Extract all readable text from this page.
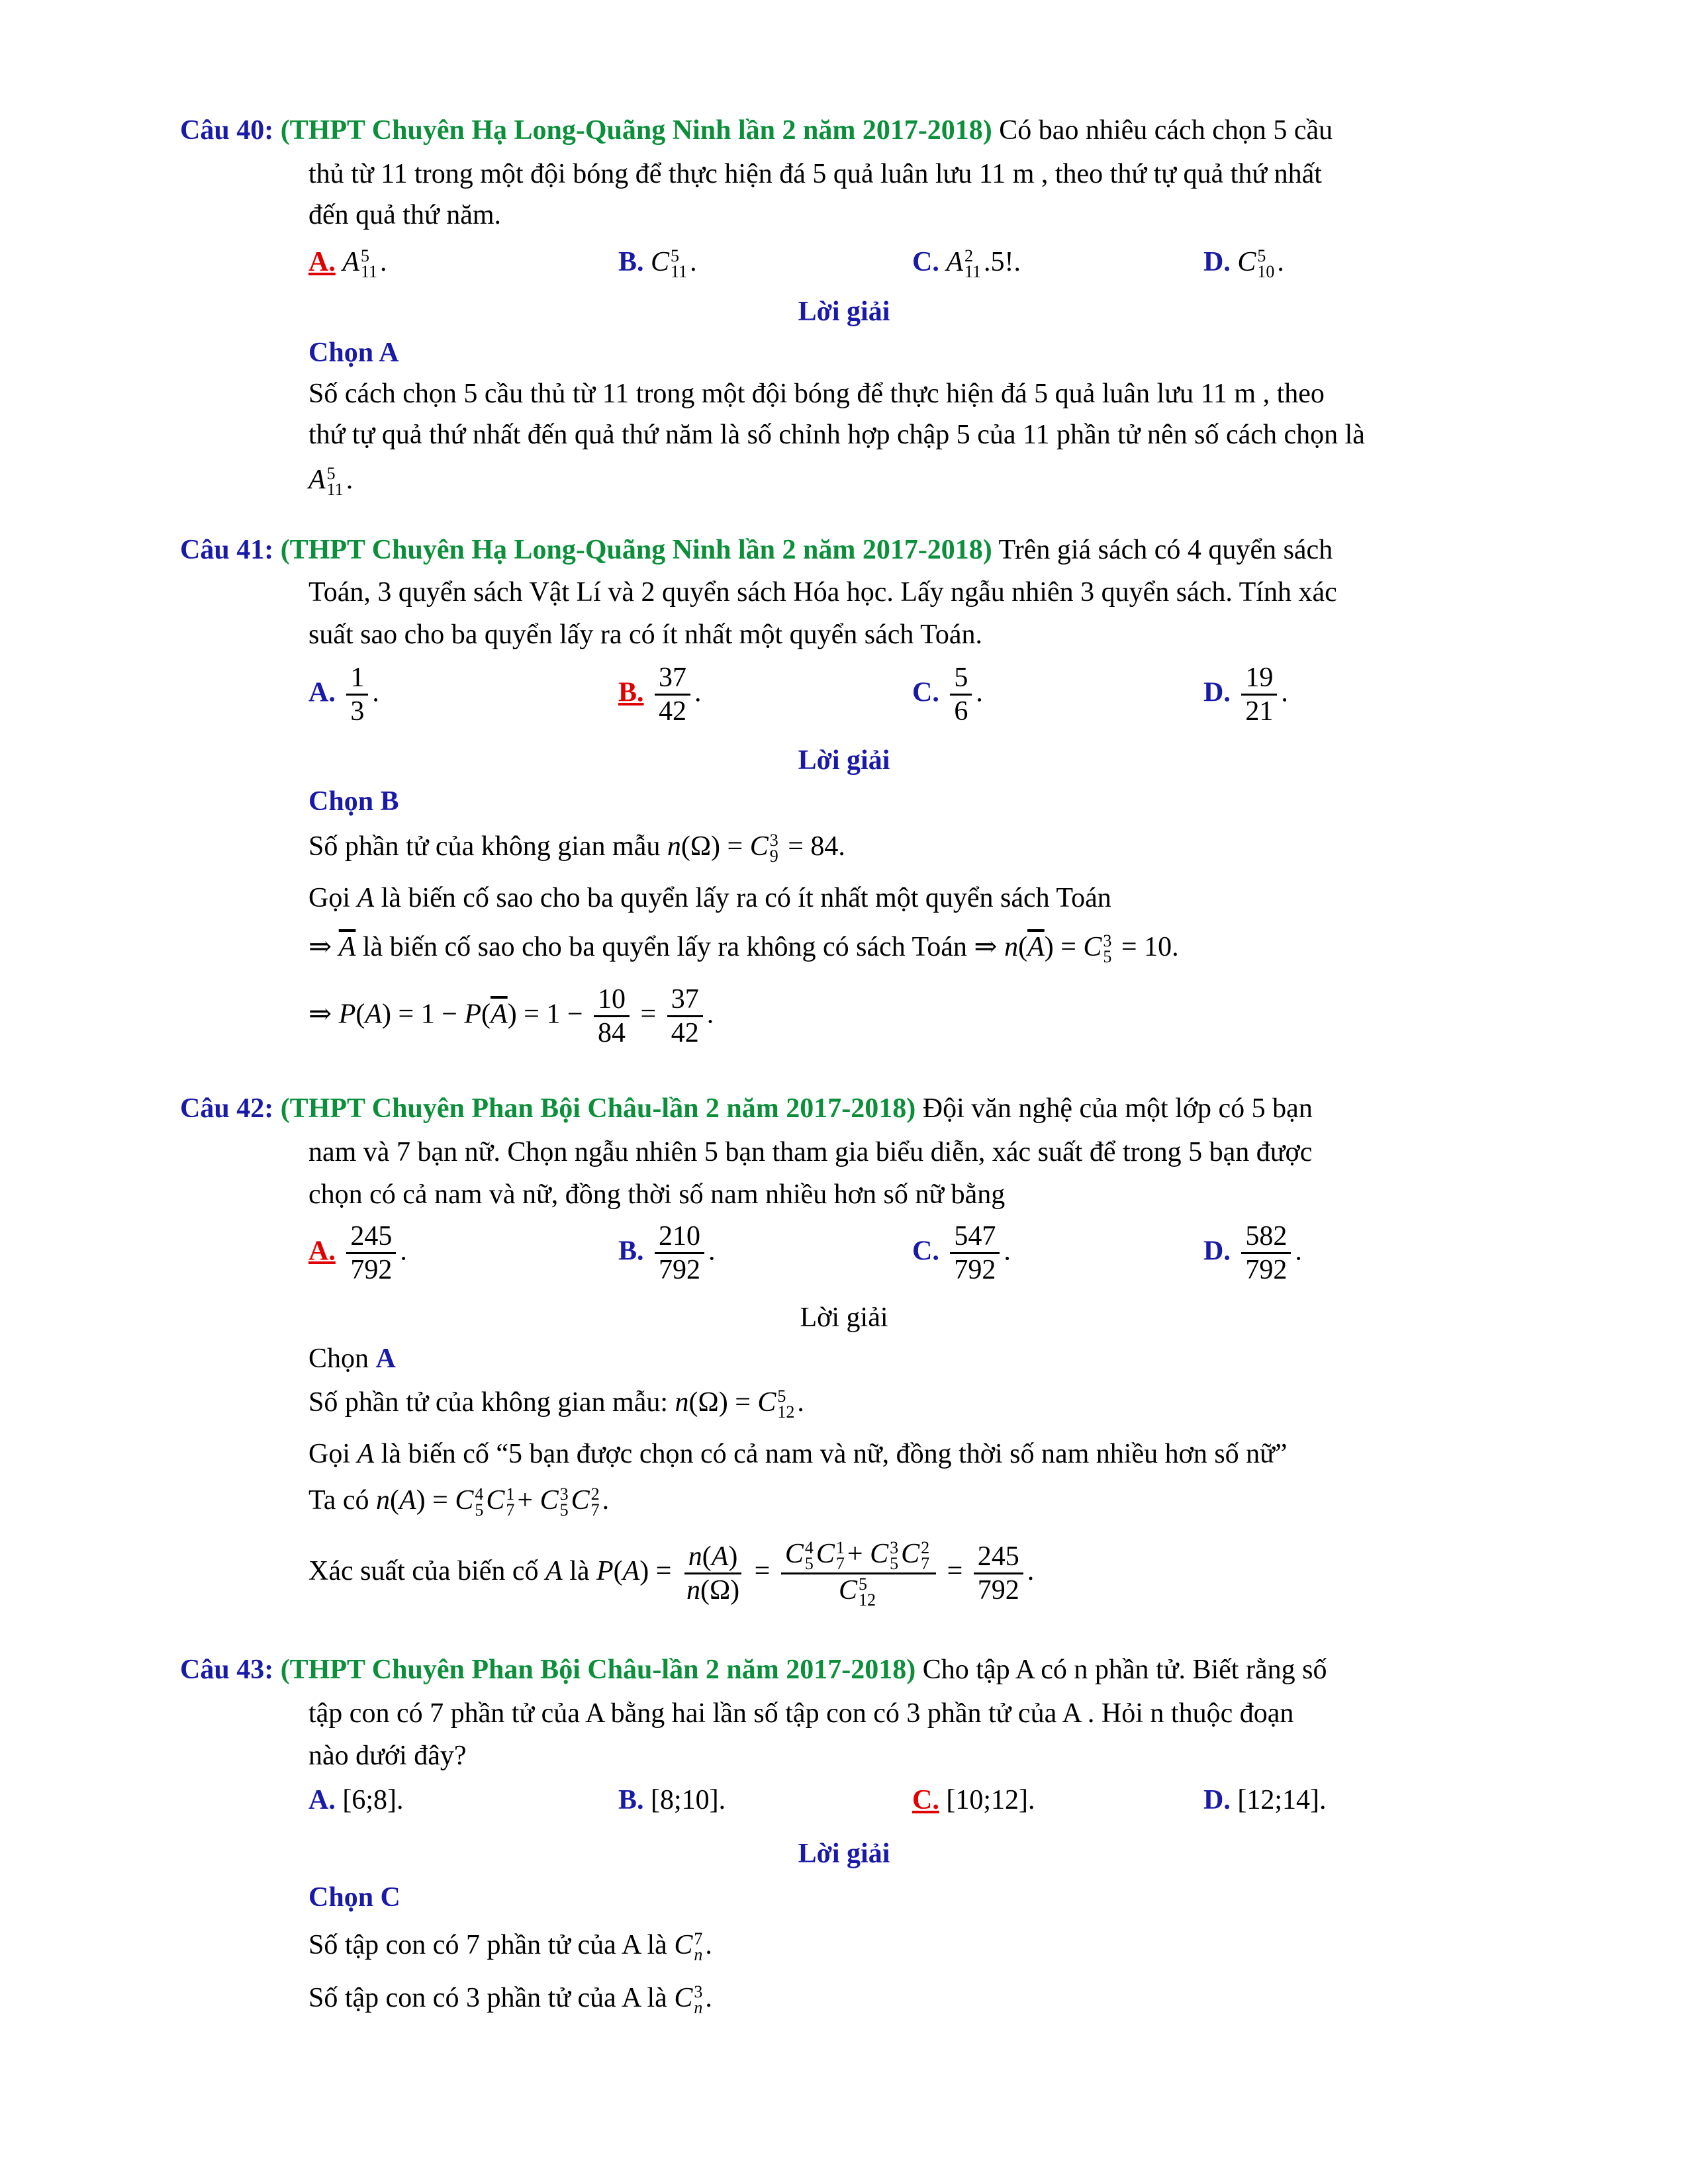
Câu 40: (THPT Chuyên Hạ Long-Quãng Ninh lần 2 năm 2017-2018) Có bao nhiêu cách chọn 5 cầu
thủ từ 11 trong một đội bóng để thực hiện đá 5 quả luân lưu 11 m , theo thứ tự quả thứ nhất
đến quả thứ năm.
A. A 5
11 .	B. C 5
11 .	C. A 2
11 .5!.	D. C 5
10 .
Lời giải
Chọn A
Số cách chọn 5 cầu thủ từ 11 trong một đội bóng để thực hiện đá 5 quả luân lưu 11 m , theo
thứ tự quả thứ nhất đến quả thứ năm là số chỉnh hợp chập 5 của 11 phần tử nên số cách chọn là
A 5
11 .
Câu 41: (THPT Chuyên Hạ Long-Quãng Ninh lần 2 năm 2017-2018) Trên giá sách có 4 quyển sách
Toán, 3 quyển sách Vật Lí và 2 quyển sách Hóa học. Lấy ngẫu nhiên 3 quyển sách. Tính xác
suất sao cho ba quyển lấy ra có ít nhất một quyển sách Toán.
A. $\frac{1}{3}$ .	B. $\frac{37}{42}$ .	C. $\frac{5}{6}$ .	D. $\frac{19}{21}$ .
Lời giải
Chọn B
Số phần tử của không gian mẫu n(Ω) = C 3
9 = 84.
Gọi A là biến cố sao cho ba quyển lấy ra có ít nhất một quyển sách Toán
⇒ $\overline{A}$ là biến cố sao cho ba quyển lấy ra không có sách Toán ⇒ $n(\overline{A}) = C$ 3
5 = 10.
⇒ $P(A) = 1 - P(\overline{A}) = 1 - \frac{10}{84} = \frac{37}{42}$ .
Câu 42: (THPT Chuyên Phan Bội Châu-lần 2 năm 2017-2018) Đội văn nghệ của một lớp có 5 bạn
nam và 7 bạn nữ. Chọn ngẫu nhiên 5 bạn tham gia biểu diễn, xác suất để trong 5 bạn được
chọn có cả nam và nữ, đồng thời số nam nhiều hơn số nữ bằng
A. $\frac{245}{792}$ .	B. $\frac{210}{792}$ .	C. $\frac{547}{792}$ .	D. $\frac{582}{792}$ .
Lời giải
Chọn A
Số phần tử của không gian mẫu: n(Ω) = C 5
12 .
Gọi A là biến cố “5 bạn được chọn có cả nam và nữ, đồng thời số nam nhiều hơn số nữ”
Ta có n(A) = C 4
5 C 1
7 + C 3
5 C 2
7 .
Xác suất của biến cố A là $P(A) = \frac{n(A)}{n(\Omega)} = C$ 4
5 C 1
7 + C 3
5 C 2
7
C 5
$12 = \frac{245}{792}$ .
Câu 43: (THPT Chuyên Phan Bội Châu-lần 2 năm 2017-2018) Cho tập A có n phần tử. Biết rằng số
tập con có 7 phần tử của A bằng hai lần số tập con có 3 phần tử của A . Hỏi n thuộc đoạn
nào dưới đây?
A. [6;8].	B. [8;10].	C. [10;12].	D. [12;14].
Lời giải
Chọn C
Số tập con có 7 phần tử của A là C 7
n .
Số tập con có 3 phần tử của A là C 3
n .
